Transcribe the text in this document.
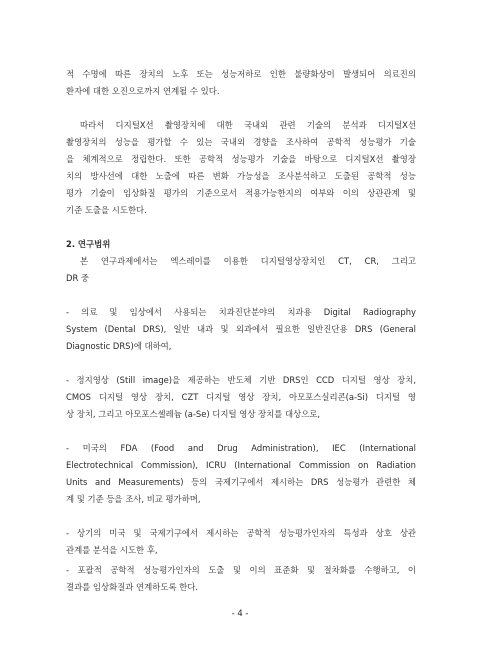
적 수명에 따른 장치의 노후 또는 성능저하로 인한 불량화상이 발생되어 의료진의
환자에 대한 오진으로까지 연계될 수 있다.
따라서 디지털X선 촬영장치에 대한 국내외 관련 기술의 분석과 디지털X선
촬영장치의 성능을 평가할 수 있는 국내외 경향을 조사하여 공학적 성능평가 기술
을 체계적으로 정립한다. 또한 공학적 성능평가 기술을 바탕으로 디지털X선 촬영장
치의 방사선에 대한 노출에 따른 변화 가능성을 조사분석하고 도출된 공학적 성능
평가 기술이 임상화질 평가의 기준으로서 적용가능한지의 여부와 이의 상관관계 및
기준 도출을 시도한다.
2. 연구범위
본 연구과제에서는 엑스레이를 이용한 디지털영상장치인 CT, CR, 그리고
DR 중
- 의료 및 임상에서 사용되는 치과진단분야의 치과용 Digital Radiography
System (Dental DRS), 일반 내과 및 외과에서 필요한 일반진단용 DRS (General
Diagnostic DRS)에 대하여,
- 정지영상 (Still image)을 제공하는 반도체 기반 DRS인 CCD 디지털 영상 장치,
CMOS 디지털 영상 장치, CZT 디지털 영상 장치, 아모포스실리콘(a-Si) 디지털 영
상 장치, 그리고 아모포스셀레늄 (a-Se) 디지털 영상 장치를 대상으로,
- 미국의 FDA (Food and Drug Administration), IEC (International
Electrotechnical Commission), ICRU (International Commission on Radiation
Units and Measurements) 등의 국제기구에서 제시하는 DRS 성능평가 관련한 체
계 및 기준 등을 조사, 비교 평가하며,
- 상기의 미국 및 국제기구에서 제시하는 공학적 성능평가인자의 특성과 상호 상관
관계를 분석을 시도한 후,
- 포괄적 공학적 성능평가인자의 도출 및 이의 표준화 및 절차화를 수행하고, 이
결과를 임상화질과 연계하도록 한다.
- 4 -
